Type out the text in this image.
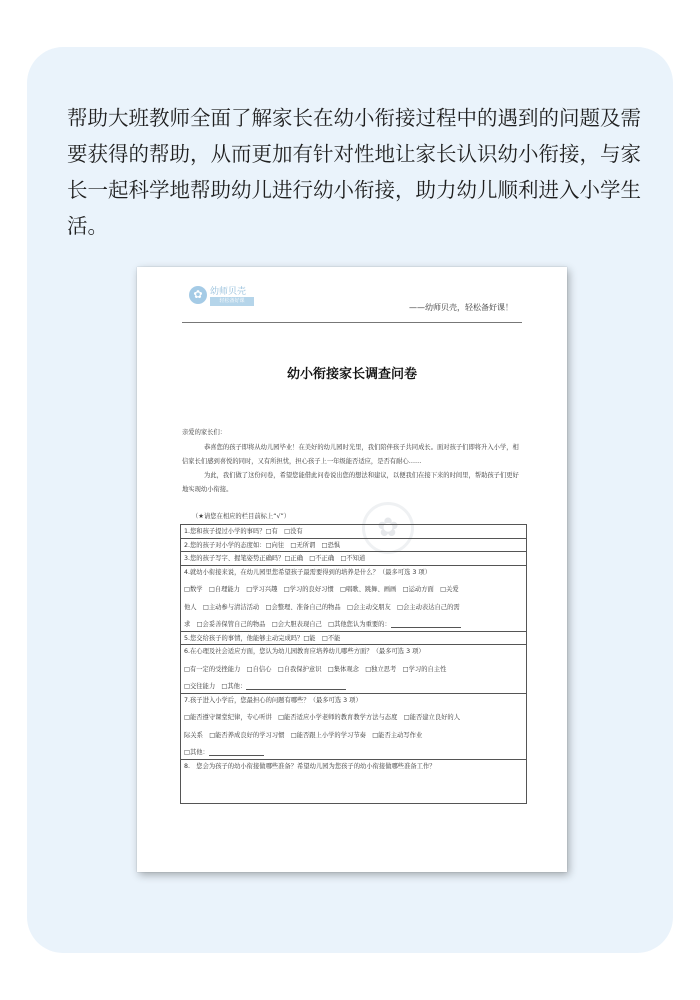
帮助大班教师全面了解家长在幼小衔接过程中的遇到的问题及需要获得的帮助，从而更加有针对性地让家长认识幼小衔接，与家长一起科学地帮助幼儿进行幼小衔接，助力幼儿顺利进入小学生活。

✿ 幼师贝壳
轻松备好课
——幼师贝壳，轻松备好课！
幼小衔接家长调查问卷
亲爱的家长们：

恭喜您的孩子即将从幼儿园毕业！在美好的幼儿园时光里，我们陪伴孩子共同成长。面对孩子们即将升入小学，相信家长们感到喜悦的同时，又有所担忧，担心孩子上一年级能否适应，是否有耐心……

为此，我们做了这份问卷，希望您能借此问卷说出您的想法和建议，以便我们在接下来的时间里，帮助孩子们更好地实现幼小衔接。

（★请您在相应的栏目前标上“√”）	✿
1.您和孩子提过小学的事吗？□有　□没有
2.您的孩子对小学的态度如：□向往　□无所谓　□恐惧
3.您的孩子写字、握笔姿势正确吗？□正确　□不正确　□不知道
4.就幼小衔接来说，在幼儿园里您希望孩子最需要得到的培养是什么？（最多可选 3 项）
□数学　□自理能力　□学习兴趣　□学习的良好习惯　□唱歌、跳舞、画画　□运动方面　□关爱
他人　□主动参与清洁活动　□会整理、准备自己的物品　□会主动交朋友　□会主动表达自己的需
求　□会妥善保管自己的物品　□会大胆表现自己　□其他您认为重要的：
5.您交给孩子的事情，他能够主动完成吗？□能　□不能
6.在心理及社会适应方面，您认为幼儿园教育应培养幼儿哪些方面？（最多可选 3 项）
□有一定的受挫能力　□自信心　□自我保护意识　□集体观念　□独立思考　□学习的自主性
□交往能力　□其他：
7.孩子进入小学后，您最担心的问题有哪些？（最多可选 3 项）
□能否遵守课堂纪律，专心听讲　□能否适应小学老师的教育教学方法与态度　□能否建立良好的人
际关系　□能否养成良好的学习习惯　□能否跟上小学的学习节奏　□能否主动写作业
□其他：
8.　您会为孩子的幼小衔接做哪些准备？希望幼儿园为您孩子的幼小衔接做哪些准备工作？
